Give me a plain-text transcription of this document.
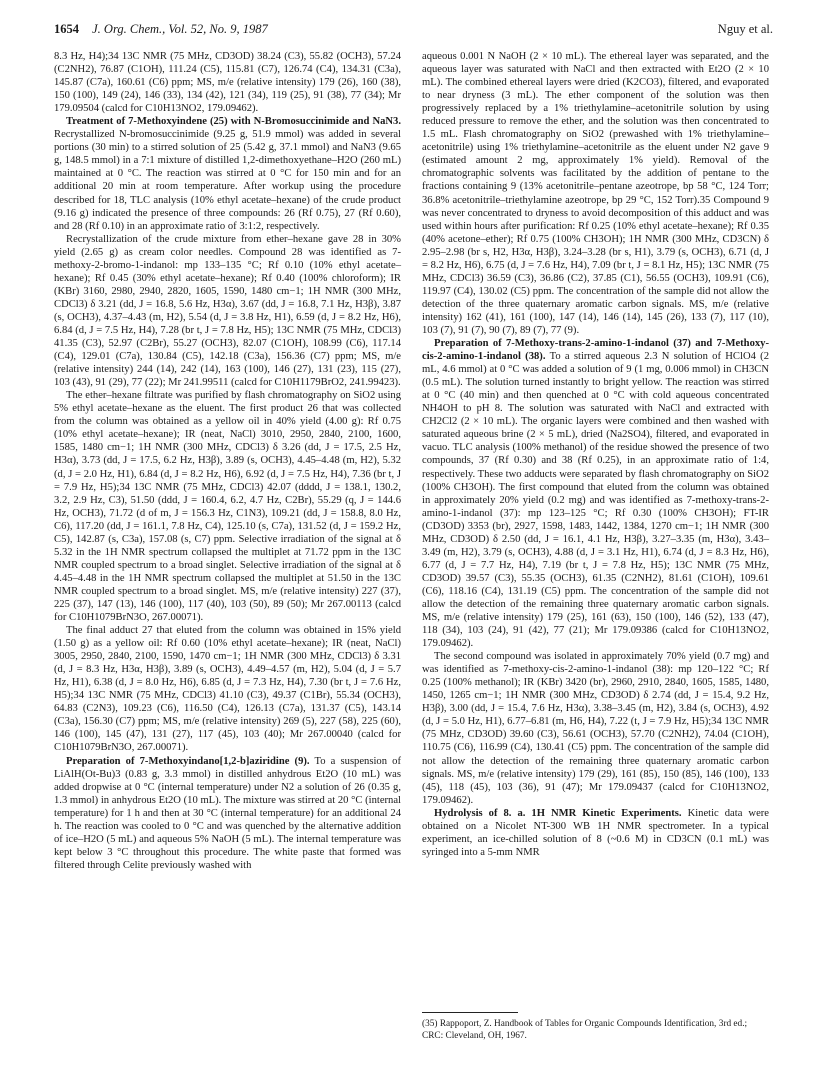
1654 J. Org. Chem., Vol. 52, No. 9, 1987	Nguy et al.

8.3 Hz, H4);34 13C NMR (75 MHz, CD3OD) 38.24 (C3), 55.82 (OCH3), 57.24 (C2NH2), 76.87 (C1OH), 111.24 (C5), 115.81 (C7), 126.74 (C4), 134.31 (C3a), 145.87 (C7a), 160.61 (C6) ppm; MS, m/e (relative intensity) 179 (26), 160 (38), 150 (100), 149 (24), 146 (33), 134 (42), 121 (34), 119 (25), 91 (38), 77 (34); Mr 179.09504 (calcd for C10H13NO2, 179.09462).

Treatment of 7-Methoxyindene (25) with N-Bromosuccinimide and NaN3. Recrystallized N-bromosuccinimide (9.25 g, 51.9 mmol) was added in several portions (30 min) to a stirred solution of 25 (5.42 g, 37.1 mmol) and NaN3 (9.65 g, 148.5 mmol) in a 7:1 mixture of distilled 1,2-dimethoxyethane–H2O (260 mL) maintained at 0 °C. The reaction was stirred at 0 °C for 150 min and for an additional 20 min at room temperature. After workup using the procedure described for 18, TLC analysis (10% ethyl acetate–hexane) of the crude product (9.16 g) indicated the presence of three compounds: 26 (Rf 0.75), 27 (Rf 0.60), and 28 (Rf 0.10) in an approximate ratio of 3:1:2, respectively.

Recrystallization of the crude mixture from ether–hexane gave 28 in 30% yield (2.65 g) as cream color needles. Compound 28 was identified as 7-methoxy-2-bromo-1-indanol: mp 133–135 °C; Rf 0.10 (10% ethyl acetate–hexane); Rf 0.45 (30% ethyl acetate–hexane); Rf 0.40 (100% chloroform); IR (KBr) 3160, 2980, 2940, 2820, 1605, 1590, 1480 cm−1; 1H NMR (300 MHz, CDCl3) δ 3.21 (dd, J = 16.8, 5.6 Hz, H3α), 3.67 (dd, J = 16.8, 7.1 Hz, H3β), 3.87 (s, OCH3), 4.37–4.43 (m, H2), 5.54 (d, J = 3.8 Hz, H1), 6.59 (d, J = 8.2 Hz, H6), 6.84 (d, J = 7.5 Hz, H4), 7.28 (br t, J = 7.8 Hz, H5); 13C NMR (75 MHz, CDCl3) 41.35 (C3), 52.97 (C2Br), 55.27 (OCH3), 82.07 (C1OH), 108.99 (C6), 117.14 (C4), 129.01 (C7a), 130.84 (C5), 142.18 (C3a), 156.36 (C7) ppm; MS, m/e (relative intensity) 244 (14), 242 (14), 163 (100), 146 (27), 131 (23), 115 (27), 103 (43), 91 (29), 77 (22); Mr 241.99511 (calcd for C10H1179BrO2, 241.99423).

The ether–hexane filtrate was purified by flash chromatography on SiO2 using 5% ethyl acetate–hexane as the eluent. The first product 26 that was collected from the column was obtained as a yellow oil in 40% yield (4.00 g): Rf 0.75 (10% ethyl acetate–hexane); IR (neat, NaCl) 3010, 2950, 2840, 2100, 1600, 1585, 1480 cm−1; 1H NMR (300 MHz, CDCl3) δ 3.26 (dd, J = 17.5, 2.5 Hz, H3α), 3.73 (dd, J = 17.5, 6.2 Hz, H3β), 3.89 (s, OCH3), 4.45–4.48 (m, H2), 5.32 (d, J = 2.0 Hz, H1), 6.84 (d, J = 8.2 Hz, H6), 6.92 (d, J = 7.5 Hz, H4), 7.36 (br t, J = 7.9 Hz, H5);34 13C NMR (75 MHz, CDCl3) 42.07 (dddd, J = 138.1, 130.2, 3.2, 2.9 Hz, C3), 51.50 (ddd, J = 160.4, 6.2, 4.7 Hz, C2Br), 55.29 (q, J = 144.6 Hz, OCH3), 71.72 (d of m, J = 156.3 Hz, C1N3), 109.21 (dd, J = 158.8, 8.0 Hz, C6), 117.20 (dd, J = 161.1, 7.8 Hz, C4), 125.10 (s, C7a), 131.52 (d, J = 159.2 Hz, C5), 142.87 (s, C3a), 157.08 (s, C7) ppm. Selective irradiation of the signal at δ 5.32 in the 1H NMR spectrum collapsed the multiplet at 71.72 ppm in the 13C NMR coupled spectrum to a broad singlet. Selective irradiation of the signal at δ 4.45–4.48 in the 1H NMR spectrum collapsed the multiplet at 51.50 in the 13C NMR coupled spectrum to a broad singlet. MS, m/e (relative intensity) 227 (37), 225 (37), 147 (13), 146 (100), 117 (40), 103 (50), 89 (50); Mr 267.00113 (calcd for C10H1079BrN3O, 267.00071).

The final adduct 27 that eluted from the column was obtained in 15% yield (1.50 g) as a yellow oil: Rf 0.60 (10% ethyl acetate–hexane); IR (neat, NaCl) 3005, 2950, 2840, 2100, 1590, 1470 cm−1; 1H NMR (300 MHz, CDCl3) δ 3.31 (d, J = 8.3 Hz, H3α, H3β), 3.89 (s, OCH3), 4.49–4.57 (m, H2), 5.04 (d, J = 5.7 Hz, H1), 6.38 (d, J = 8.0 Hz, H6), 6.85 (d, J = 7.3 Hz, H4), 7.30 (br t, J = 7.6 Hz, H5);34 13C NMR (75 MHz, CDCl3) 41.10 (C3), 49.37 (C1Br), 55.34 (OCH3), 64.83 (C2N3), 109.23 (C6), 116.50 (C4), 126.13 (C7a), 131.37 (C5), 143.14 (C3a), 156.30 (C7) ppm; MS, m/e (relative intensity) 269 (5), 227 (58), 225 (60), 146 (100), 145 (47), 131 (27), 117 (45), 103 (40); Mr 267.00040 (calcd for C10H1079BrN3O, 267.00071).

Preparation of 7-Methoxyindano[1,2-b]aziridine (9). To a suspension of LiAlH(Ot-Bu)3 (0.83 g, 3.3 mmol) in distilled anhydrous Et2O (10 mL) was added dropwise at 0 °C (internal temperature) under N2 a solution of 26 (0.35 g, 1.3 mmol) in anhydrous Et2O (10 mL). The mixture was stirred at 20 °C (internal temperature) for 1 h and then at 30 °C (internal temperature) for an additional 24 h. The reaction was cooled to 0 °C and was quenched by the alternative addition of ice–H2O (5 mL) and aqueous 5% NaOH (5 mL). The internal temperature was kept below 3 °C throughout this procedure. The white paste that formed was filtered through Celite previously washed with

aqueous 0.001 N NaOH (2 × 10 mL). The ethereal layer was separated, and the aqueous layer was saturated with NaCl and then extracted with Et2O (2 × 10 mL). The combined ethereal layers were dried (K2CO3), filtered, and evaporated to near dryness (3 mL). The ether component of the solution was then progressively replaced by a 1% triethylamine–acetonitrile solution by using reduced pressure to remove the ether, and the solution was then concentrated to 1.5 mL. Flash chromatography on SiO2 (prewashed with 1% triethylamine–acetonitrile) using 1% triethylamine–acetonitrile as the eluent under N2 gave 9 (estimated amount 2 mg, approximately 1% yield). Removal of the chromatographic solvents was facilitated by the addition of pentane to the fractions containing 9 (13% acetonitrile–pentane azeotrope, bp 58 °C, 124 Torr; 36.8% acetonitrile–triethylamine azeotrope, bp 29 °C, 152 Torr).35 Compound 9 was never concentrated to dryness to avoid decomposition of this adduct and was used within hours after purification: Rf 0.25 (10% ethyl acetate–hexane); Rf 0.35 (40% acetone–ether); Rf 0.75 (100% CH3OH); 1H NMR (300 MHz, CD3CN) δ 2.95–2.98 (br s, H2, H3α, H3β), 3.24–3.28 (br s, H1), 3.79 (s, OCH3), 6.71 (d, J = 8.2 Hz, H6), 6.75 (d, J = 7.6 Hz, H4), 7.09 (br t, J = 8.1 Hz, H5); 13C NMR (75 MHz, CDCl3) 36.59 (C3), 36.86 (C2), 37.85 (C1), 56.55 (OCH3), 109.91 (C6), 119.97 (C4), 130.02 (C5) ppm. The concentration of the sample did not allow the detection of the three quaternary aromatic carbon signals. MS, m/e (relative intensity) 162 (41), 161 (100), 147 (14), 146 (14), 145 (26), 133 (7), 117 (10), 103 (7), 91 (7), 90 (7), 89 (7), 77 (9).

Preparation of 7-Methoxy-trans-2-amino-1-indanol (37) and 7-Methoxy-cis-2-amino-1-indanol (38). To a stirred aqueous 2.3 N solution of HClO4 (2 mL, 4.6 mmol) at 0 °C was added a solution of 9 (1 mg, 0.006 mmol) in CH3CN (0.5 mL). The solution turned instantly to bright yellow. The reaction was stirred at 0 °C (40 min) and then quenched at 0 °C with cold aqueous concentrated NH4OH to pH 8. The solution was saturated with NaCl and extracted with CH2Cl2 (2 × 10 mL). The organic layers were combined and then washed with saturated aqueous brine (2 × 5 mL), dried (Na2SO4), filtered, and evaporated in vacuo. TLC analysis (100% methanol) of the residue showed the presence of two compounds, 37 (Rf 0.30) and 38 (Rf 0.25), in an approximate ratio of 1:4, respectively. These two adducts were separated by flash chromatography on SiO2 (100% CH3OH). The first compound that eluted from the column was obtained in approximately 20% yield (0.2 mg) and was identified as 7-methoxy-trans-2-amino-1-indanol (37): mp 123–125 °C; Rf 0.30 (100% CH3OH); FT-IR (CD3OD) 3353 (br), 2927, 1598, 1483, 1442, 1384, 1270 cm−1; 1H NMR (300 MHz, CD3OD) δ 2.50 (dd, J = 16.1, 4.1 Hz, H3β), 3.27–3.35 (m, H3α), 3.43–3.49 (m, H2), 3.79 (s, OCH3), 4.88 (d, J = 3.1 Hz, H1), 6.74 (d, J = 8.3 Hz, H6), 6.77 (d, J = 7.7 Hz, H4), 7.19 (br t, J = 7.8 Hz, H5); 13C NMR (75 MHz, CD3OD) 39.57 (C3), 55.35 (OCH3), 61.35 (C2NH2), 81.61 (C1OH), 109.61 (C6), 118.16 (C4), 131.19 (C5) ppm. The concentration of the sample did not allow the detection of the remaining three quaternary aromatic carbon signals. MS, m/e (relative intensity) 179 (25), 161 (63), 150 (100), 146 (52), 133 (47), 118 (34), 103 (24), 91 (42), 77 (21); Mr 179.09386 (calcd for C10H13NO2, 179.09462).

The second compound was isolated in approximately 70% yield (0.7 mg) and was identified as 7-methoxy-cis-2-amino-1-indanol (38): mp 120–122 °C; Rf 0.25 (100% methanol); IR (KBr) 3420 (br), 2960, 2910, 2840, 1605, 1585, 1480, 1450, 1265 cm−1; 1H NMR (300 MHz, CD3OD) δ 2.74 (dd, J = 15.4, 9.2 Hz, H3β), 3.00 (dd, J = 15.4, 7.6 Hz, H3α), 3.38–3.45 (m, H2), 3.84 (s, OCH3), 4.92 (d, J = 5.0 Hz, H1), 6.77–6.81 (m, H6, H4), 7.22 (t, J = 7.9 Hz, H5);34 13C NMR (75 MHz, CD3OD) 39.60 (C3), 56.61 (OCH3), 57.70 (C2NH2), 74.04 (C1OH), 110.75 (C6), 116.99 (C4), 130.41 (C5) ppm. The concentration of the sample did not allow the detection of the remaining three quaternary aromatic carbon signals. MS, m/e (relative intensity) 179 (29), 161 (85), 150 (85), 146 (100), 133 (45), 118 (45), 103 (36), 91 (47); Mr 179.09437 (calcd for C10H13NO2, 179.09462).

Hydrolysis of 8. a. 1H NMR Kinetic Experiments. Kinetic data were obtained on a Nicolet NT-300 WB 1H NMR spectrometer. In a typical experiment, an ice-chilled solution of 8 (~0.6 M) in CD3CN (0.1 mL) was syringed into a 5-mm NMR

(35) Rappoport, Z. Handbook of Tables for Organic Compounds Identification, 3rd ed.; CRC: Cleveland, OH, 1967.
